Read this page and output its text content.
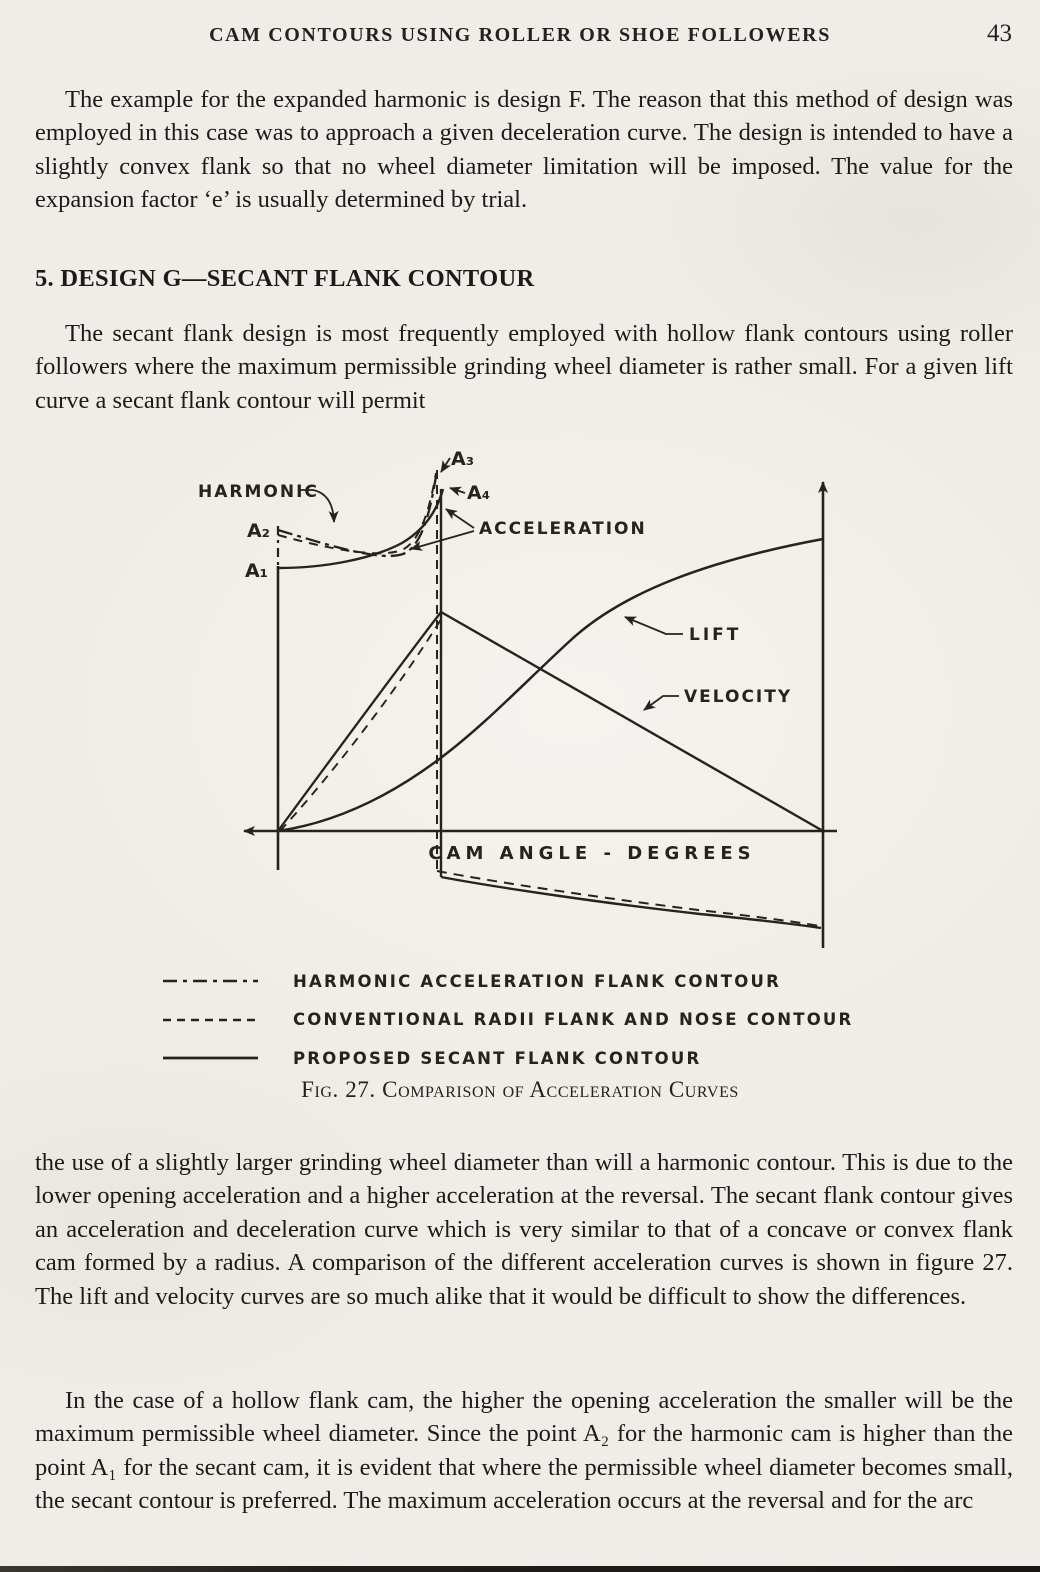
CAM CONTOURS USING ROLLER OR SHOE FOLLOWERS	43
The example for the expanded harmonic is design F. The reason that this method of design was employed in this case was to approach a given deceleration curve. The design is intended to have a slightly convex flank so that no wheel diameter limitation will be imposed. The value for the expansion factor ‘e’ is usually determined by trial.
5. DESIGN G—SECANT FLANK CONTOUR
The secant flank design is most frequently employed with hollow flank contours using roller followers where the maximum permissible grinding wheel diameter is rather small. For a given lift curve a secant flank contour will permit
HARMONIC
A₂
A₁
A₃
A₄
ACCELERATION
LIFT
VELOCITY
CAM ANGLE - DEGREES
HARMONIC ACCELERATION FLANK CONTOUR
CONVENTIONAL RADII FLANK AND NOSE CONTOUR
PROPOSED SECANT FLANK CONTOUR
Fig. 27. Comparison of Acceleration Curves
the use of a slightly larger grinding wheel diameter than will a harmonic contour. This is due to the lower opening acceleration and a higher acceleration at the reversal. The secant flank contour gives an acceleration and deceleration curve which is very similar to that of a concave or convex flank cam formed by a radius. A comparison of the different acceleration curves is shown in figure 27. The lift and velocity curves are so much alike that it would be difficult to show the differences.
In the case of a hollow flank cam, the higher the opening acceleration the smaller will be the maximum permissible wheel diameter. Since the point A₂ for the harmonic cam is higher than the point A₁ for the secant cam, it is evident that where the permissible wheel diameter becomes small, the secant contour is preferred. The maximum acceleration occurs at the reversal and for the arc
